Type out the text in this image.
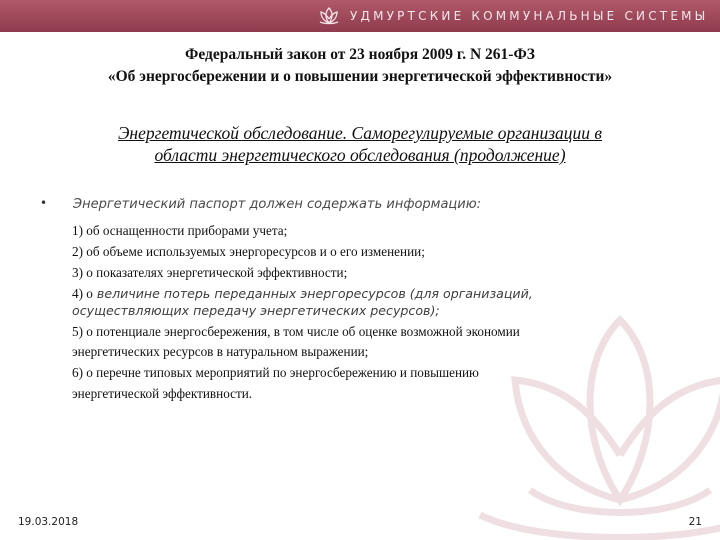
УДМУРТСКИЕ КОММУНАЛЬНЫЕ СИСТЕМЫ
Федеральный закон от 23 ноября 2009 г. N 261-ФЗ
«Об энергосбережении и о повышении энергетической эффективности»
Энергетической обследование. Саморегулируемые организации в
области энергетического обследования (продолжение)
• Энергетический паспорт должен содержать информацию:

1) об оснащенности приборами учета;

2) об объеме используемых энергоресурсов и о его изменении;

3) о показателях энергетической эффективности;

4) о величине потерь переданных энергоресурсов (для организаций,
осуществляющих передачу энергетических ресурсов);

5) о потенциале энергосбережения, в том числе об оценке возможной экономии
энергетических ресурсов в натуральном выражении;

6) о перечне типовых мероприятий по энергосбережению и повышению
энергетической эффективности.

19.03.2018	21
